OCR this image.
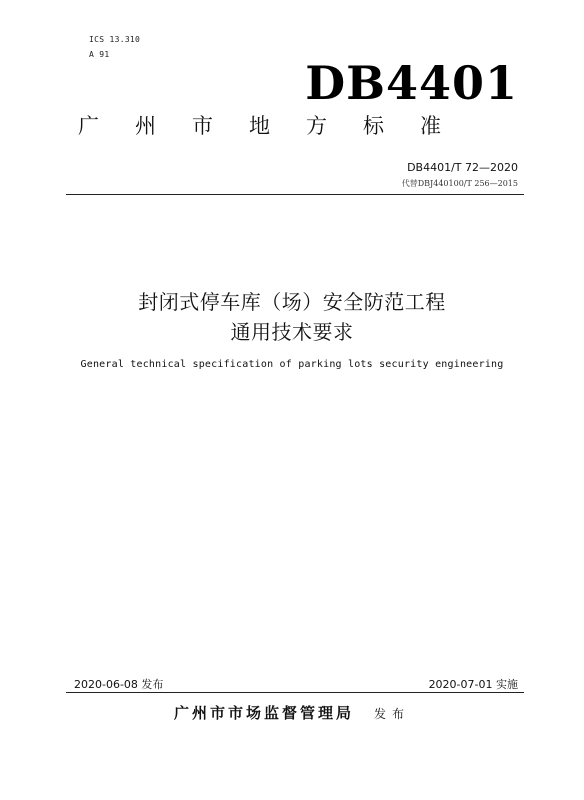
ICS 13.310
A 91
DB4401
广州市地方标准
DB4401/T 72—2020
代替DBJ440100/T 256—2015
封闭式停车库（场）安全防范工程
通用技术要求
General technical specification of parking lots security engineering
2020-06-08 发布	2020-07-01 实施
广州市市场监督管理局 发布
